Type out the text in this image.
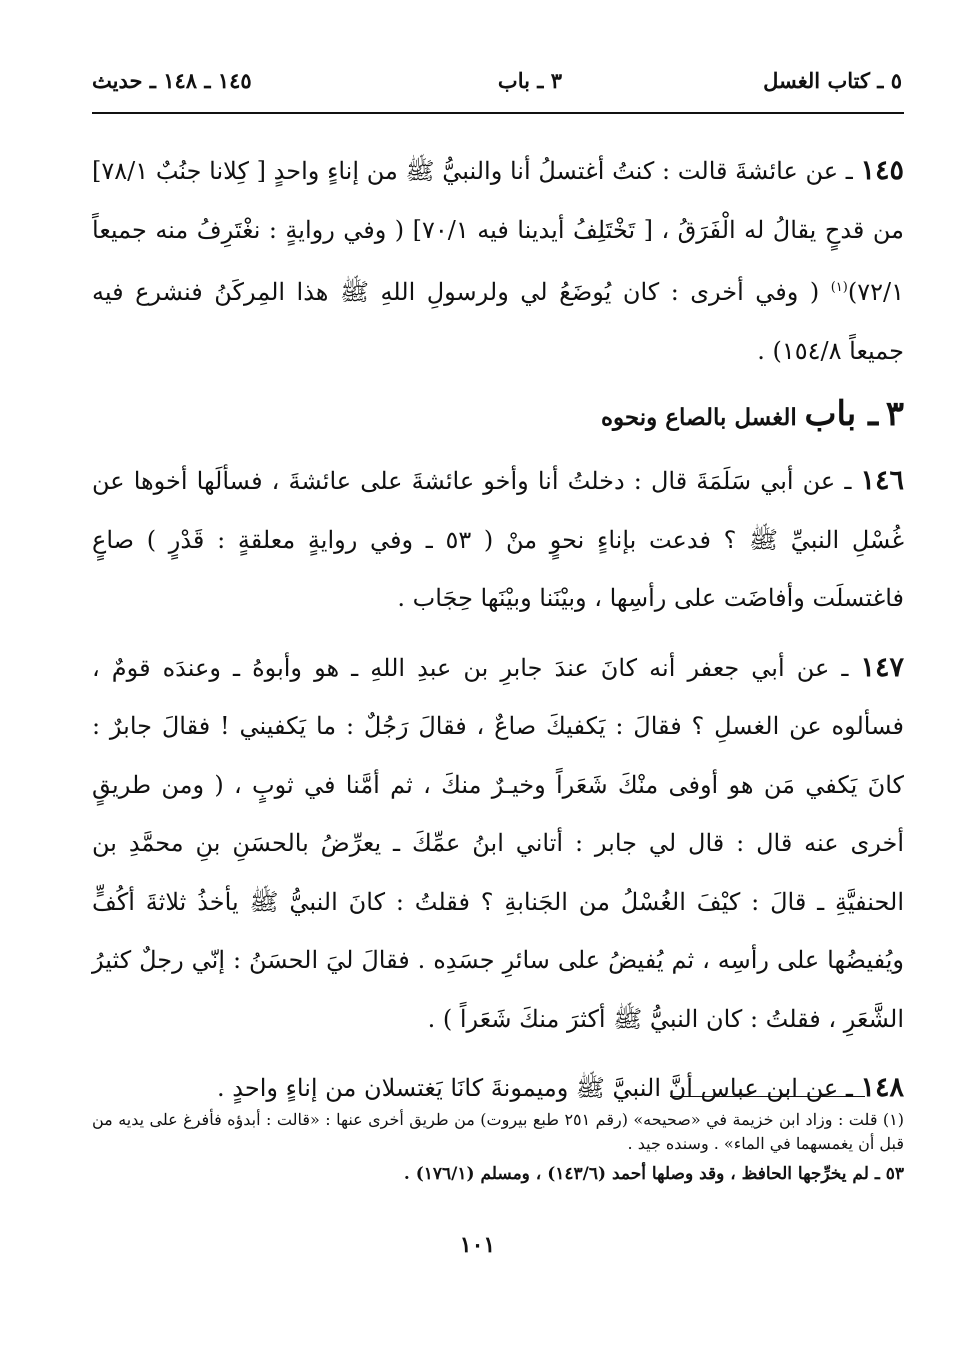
٥ ـ كتاب الغسل
٣ ـ باب
١٤٥ ـ ١٤٨ ـ حديث

١٤٥ ـ عن عائشةَ قالت : كنتُ أغتسلُ أنا والنبيُّ ﷺ من إناءٍ واحدٍ [ كِلانا جنُبٌ ٧٨/١] من قدحٍ يقالُ له الْفَرَقُ ، [ تَخْتَلِفُ أيدينا فيه ٧٠/١] ( وفي روايةٍ : نغْتَرِفُ منه جميعاً ٧٢/١)$^{(١)}$ ( وفي أخرى : كان يُوضَعُ لي ولرسولِ اللهِ ﷺ هذا المِركَنُ فنشرع فيه جميعاً ١٥٤/٨) .

٣ ـ باب الغسل بالصاع ونحوه

١٤٦ ـ عن أبي سَلَمَةَ قال : دخلتُ أنا وأخو عائشةَ على عائشةَ ، فسألَها أخوها عن غُسْلِ النبيِّ ﷺ ؟ فدعت بإناءٍ نحوٍ منْ ( ٥٣ ـ وفي روايةٍ معلقةٍ : قَدْرٍ ) صاعٍ فاغتسلَت وأفاضَت على رأسِها ، وبيْنَنا وبيْنَها حِجَاب .

١٤٧ ـ عن أبي جعفر أنه كانَ عندَ جابرِ بن عبدِ اللهِ ـ هو وأبوهُ ـ وعندَه قومٌ ، فسألوه عن الغسلِ ؟ فقالَ : يَكفيكَ صاعٌ ، فقالَ رَجُلٌ : ما يَكفيني ! فقالَ جابرٌ : كانَ يَكفي مَن هو أوفى منْكَ شَعَراً وخيـرٌ منكَ ، ثم أمَّنا في ثوبٍ ، ( ومن طريقٍ أخرى عنه قال : قال لي جابر : أتاني ابنُ عمِّكَ ـ يعرِّضُ بالحسَنِ بنِ محمَّدِ بن الحنفيَّةِ ـ قالَ : كيْفَ الغُسْلُ من الجَنابةِ ؟ فقلتُ : كانَ النبيُّ ﷺ يأخذُ ثلاثةَ أكُفٍّ ويُفيضُها على رأسِه ، ثم يُفيضُ على سائرِ جسَدِه . فقالَ ليَ الحسَنُ : إنّي رجلٌ كثيرُ الشَّعَرِ ، فقلتُ : كان النبيُّ ﷺ أكثرَ منكَ شَعَراً ) .

١٤٨ ـ عن ابن عباس أنَّ النبيَّ ﷺ وميمونةَ كانَا يَغتسلان من إناءٍ واحدٍ .

(١) قلت : وزاد ابن خزيمة في «صحيحه» (رقم ٢٥١ طبع بيروت) من طريق أخرى عنها : «قالت : أبدؤه فأفرغ على يديه من قبل أن يغمسهما في الماء» . وسنده جيد .

٥٣ ـ لم يخرِّجها الحافظ ، وقد وصلها أحمد (١٤٣/٦) ، ومسلم (١٧٦/١) .

١٠١
